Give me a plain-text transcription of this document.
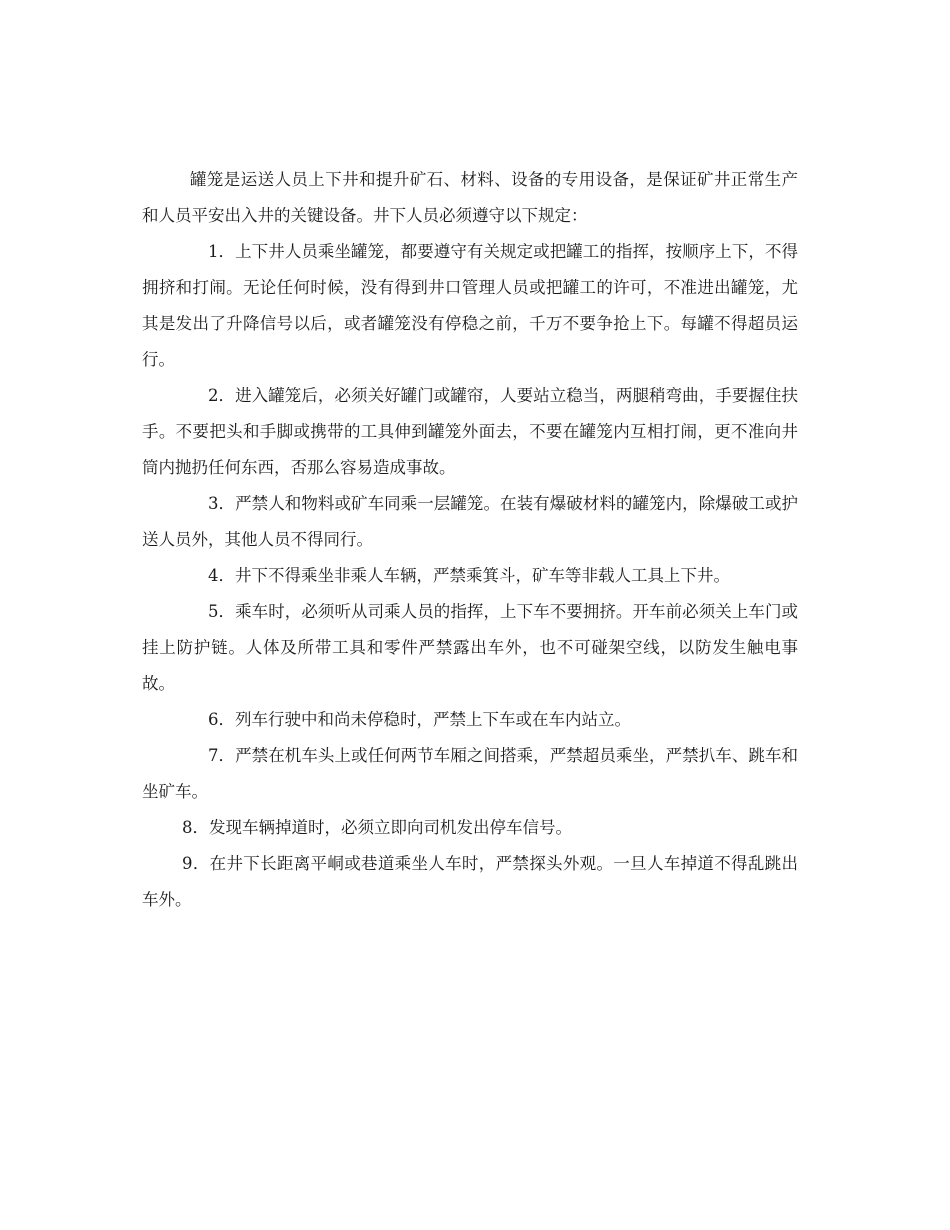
罐笼是运送人员上下井和提升矿石、材料、设备的专用设备，是保证矿井正常生产和人员平安出入井的关键设备。井下人员必须遵守以下规定：

1．上下井人员乘坐罐笼，都要遵守有关规定或把罐工的指挥，按顺序上下，不得拥挤和打闹。无论任何时候，没有得到井口管理人员或把罐工的许可，不准进出罐笼，尤其是发出了升降信号以后，或者罐笼没有停稳之前，千万不要争抢上下。每罐不得超员运行。

2．进入罐笼后，必须关好罐门或罐帘，人要站立稳当，两腿稍弯曲，手要握住扶手。不要把头和手脚或携带的工具伸到罐笼外面去，不要在罐笼内互相打闹，更不准向井筒内抛扔任何东西，否那么容易造成事故。

3．严禁人和物料或矿车同乘一层罐笼。在装有爆破材料的罐笼内，除爆破工或护送人员外，其他人员不得同行。

4．井下不得乘坐非乘人车辆，严禁乘箕斗，矿车等非载人工具上下井。

5．乘车时，必须听从司乘人员的指挥，上下车不要拥挤。开车前必须关上车门或挂上防护链。人体及所带工具和零件严禁露出车外，也不可碰架空线，以防发生触电事故。

6．列车行驶中和尚未停稳时，严禁上下车或在车内站立。

7．严禁在机车头上或任何两节车厢之间搭乘，严禁超员乘坐，严禁扒车、跳车和坐矿车。

8．发现车辆掉道时，必须立即向司机发出停车信号。

9．在井下长距离平峒或巷道乘坐人车时，严禁探头外观。一旦人车掉道不得乱跳出车外。
